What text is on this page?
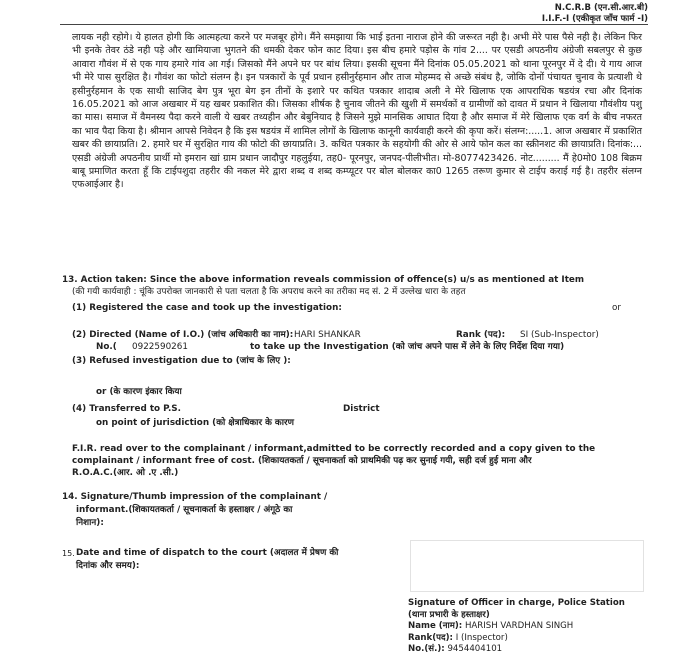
N.C.R.B (एन.सी.आर.बी)
I.I.F.-I (एकीकृत जाँच फार्म -I)
लायक नही रहोगे। ये हालत होगी कि आत्महत्या करने पर मजबूर होगे। मैंने समझाया कि भाई इतना नाराज होने की जरूरत नही है। अभी मेरे पास पैसे नही है। लेकिन फिर भी इनके तेवर ठंडे नही पड़े और खामियाजा भुगतने की धमकी देकर फोन काट दिया। इस बीच हमारे पड़ोस के गांव 2.... पर एसडी अपठनीय अंग्रेजी सबलपुर से कुछ आवारा गौवंश में से एक गाय हमारे गांव आ गई। जिसको मैंने अपने घर पर बांध लिया। इसकी सूचना मैंने दिनांक 05.05.2021 को थाना पूरनपुर में दे दी। ये गाय आज भी मेरे पास सुरक्षित है। गौवंश का फोटो संलग्न है। इन पत्रकारों के पूर्व प्रधान हसीनुर्रहमान और ताज मोहम्मद से अच्छे संबंध है, जोकि दोनों पंचायत चुनाव के प्रत्याशी थे हसीनुर्रहमान के एक साथी साजिद बेग पुत्र भूरा बेग इन तीनों के इशारे पर कथित पत्रकार शादाब अली ने मेरे खिलाफ एक आपराधिक षडयंत्र रचा और दिनांक 16.05.2021 को आज अखबार में यह खबर प्रकाशित की। जिसका शीर्षक है चुनाव जीतने की खुशी में समर्थकों व ग्रामीणों को दावत में प्रधान ने खिलाया गौवंशीय पशु का मास। समाज में वैमनस्य पैदा करने वाली ये खबर तथ्यहीन और बेबुनियाद है जिसने मुझे मानसिक आघात दिया है और समाज में मेरे खिलाफ एक वर्ग के बीच नफरत का भाव पैदा किया है। श्रीमान आपसे निवेदन है कि इस षडयंत्र में शामिल लोगों के खिलाफ कानूनी कार्यवाही करने की कृपा करें। संलग्न:.....1. आज अखबार में प्रकाशित खबर की छायाप्रति। 2. हमारे घर में सुरक्षित गाय की फोटो की छायाप्रति। 3. कथित पत्रकार के सहयोगी की ओर से आये फोन कल का स्क्रीनशट की छायाप्रति। दिनांक:... एसडी अंग्रेजी अपठनीय प्रार्थी मो इमरान खां ग्राम प्रधान जादौपुर गहलुईया, तह0- पूरनपुर, जनपद-पीलीभीत। मो-8077423426. नोट......... मैं हे0मो0 108 बिक्रम बाबू प्रमाणित करता हूँ कि टाईपशुदा तहरीर की नकल मेरे द्वारा शब्द व शब्द कम्प्यूटर पर बोल बोलकर का0 1265 तरूण कुमार से टाईप कराई गई है। तहरीर संलग्न एफआईआर है।
13. Action taken: Since the above information reveals commission of offence(s) u/s as mentioned at Item
(की गयी कार्यवाही : चूंकि उपरोक्त जानकारी से पता चलता है कि अपराध करने का तरीका मद सं. 2 में उल्लेख धारा के तहत
(1) Registered the case and took up the investigation:	or
(2) Directed (Name of I.O.) (जांच अधिकारी का नाम): HARI SHANKAR	Rank (पद): SI (Sub-Inspector)
No.( 0922590261	to take up the Investigation (को जांच अपने पास में लेने के लिए निर्देश दिया गया)
(3) Refused investigation due to (जांच के लिए ):
or (के कारण इंकार किया
(4) Transferred to P.S.	District
on point of jurisdiction (को क्षेत्राधिकार के कारण
F.I.R. read over to the complainant / informant,admitted to be correctly recorded and a copy given to the
complainant / informant free of cost. (शिकायतकर्ता / सूचनाकर्ता को प्राथमिकी पढ़ कर सुनाई गयी, सही दर्ज हुई माना और
R.O.A.C.(आर. ओ .ए .सी.)
14. Signature/Thumb impression of the complainant /
informant.(शिकायतकर्ता / सूचनाकर्ता के हस्ताक्षर / अंगूठे का
निशान):
15. Date and time of dispatch to the court (अदालत में प्रेषण की
दिनांक और समय):
Signature of Officer in charge, Police Station
(थाना प्रभारी के हस्ताक्षर)
Name (नाम): HARISH VARDHAN SINGH
Rank(पद): I (Inspector)
No.(सं.): 9454404101
